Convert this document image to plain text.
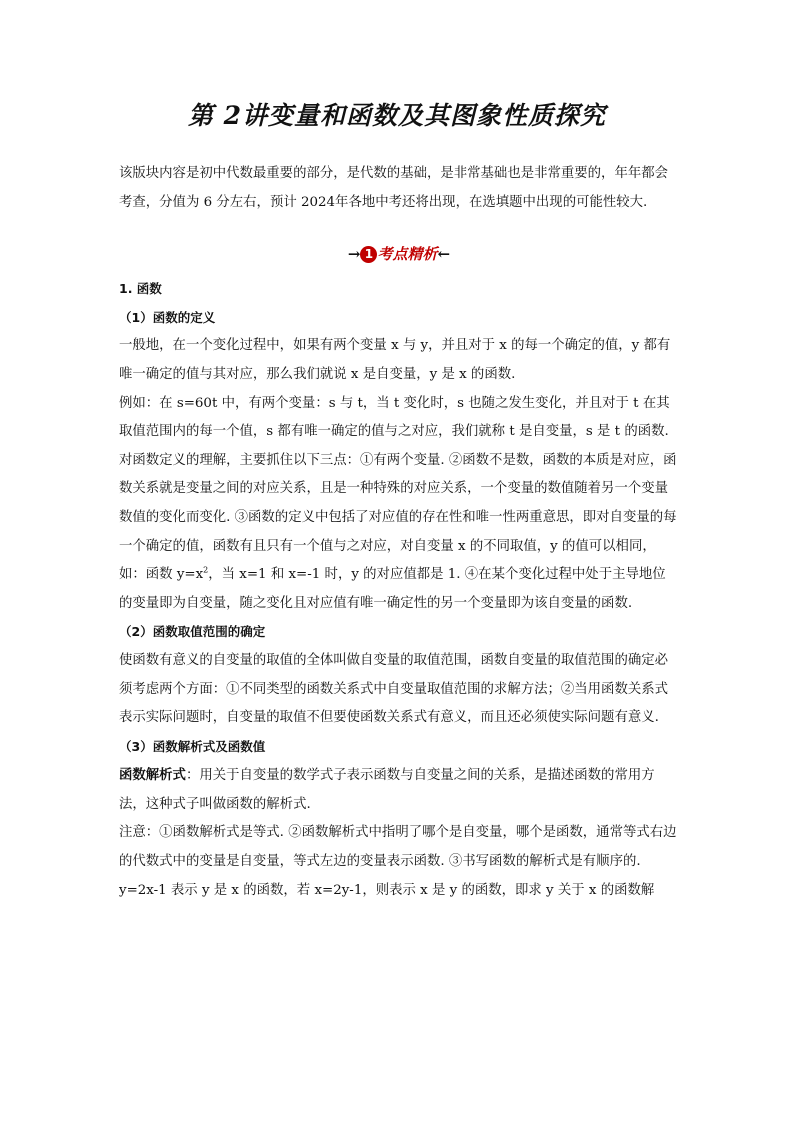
第 2讲变量和函数及其图象性质探究

该版块内容是初中代数最重要的部分，是代数的基础，是非常基础也是非常重要的，年年都会考查，分值为 6 分左右，预计 2024年各地中考还将出现，在选填题中出现的可能性较大.

→ 1 考点精析←

1. 函数

（1）函数的定义

一般地，在一个变化过程中，如果有两个变量 x 与 y，并且对于 x 的每一个确定的值，y 都有唯一确定的值与其对应，那么我们就说 x 是自变量，y 是 x 的函数.

例如：在 s=60t 中，有两个变量：s 与 t，当 t 变化时，s 也随之发生变化，并且对于 t 在其取值范围内的每一个值，s 都有唯一确定的值与之对应，我们就称 t 是自变量，s 是 t 的函数.

对函数定义的理解，主要抓住以下三点：①有两个变量. ②函数不是数，函数的本质是对应，函数关系就是变量之间的对应关系，且是一种特殊的对应关系，一个变量的数值随着另一个变量数值的变化而变化. ③函数的定义中包括了对应值的存在性和唯一性两重意思，即对自变量的每一个确定的值，函数有且只有一个值与之对应，对自变量 x 的不同取值，y 的值可以相同，如：函数 $y=x^2$，当 x=1 和 x=-1 时，y 的对应值都是 1. ④在某个变化过程中处于主导地位的变量即为自变量，随之变化且对应值有唯一确定性的另一个变量即为该自变量的函数.

（2）函数取值范围的确定

使函数有意义的自变量的取值的全体叫做自变量的取值范围，函数自变量的取值范围的确定必须考虑两个方面：①不同类型的函数关系式中自变量取值范围的求解方法；②当用函数关系式表示实际问题时，自变量的取值不但要使函数关系式有意义，而且还必须使实际问题有意义.

（3）函数解析式及函数值

函数解析式：用关于自变量的数学式子表示函数与自变量之间的关系，是描述函数的常用方法，这种式子叫做函数的解析式.

注意：①函数解析式是等式. ②函数解析式中指明了哪个是自变量，哪个是函数，通常等式右边的代数式中的变量是自变量，等式左边的变量表示函数. ③书写函数的解析式是有顺序的. y=2x-1 表示 y 是 x 的函数，若 x=2y-1，则表示 x 是 y 的函数，即求 y 关于 x 的函数解
